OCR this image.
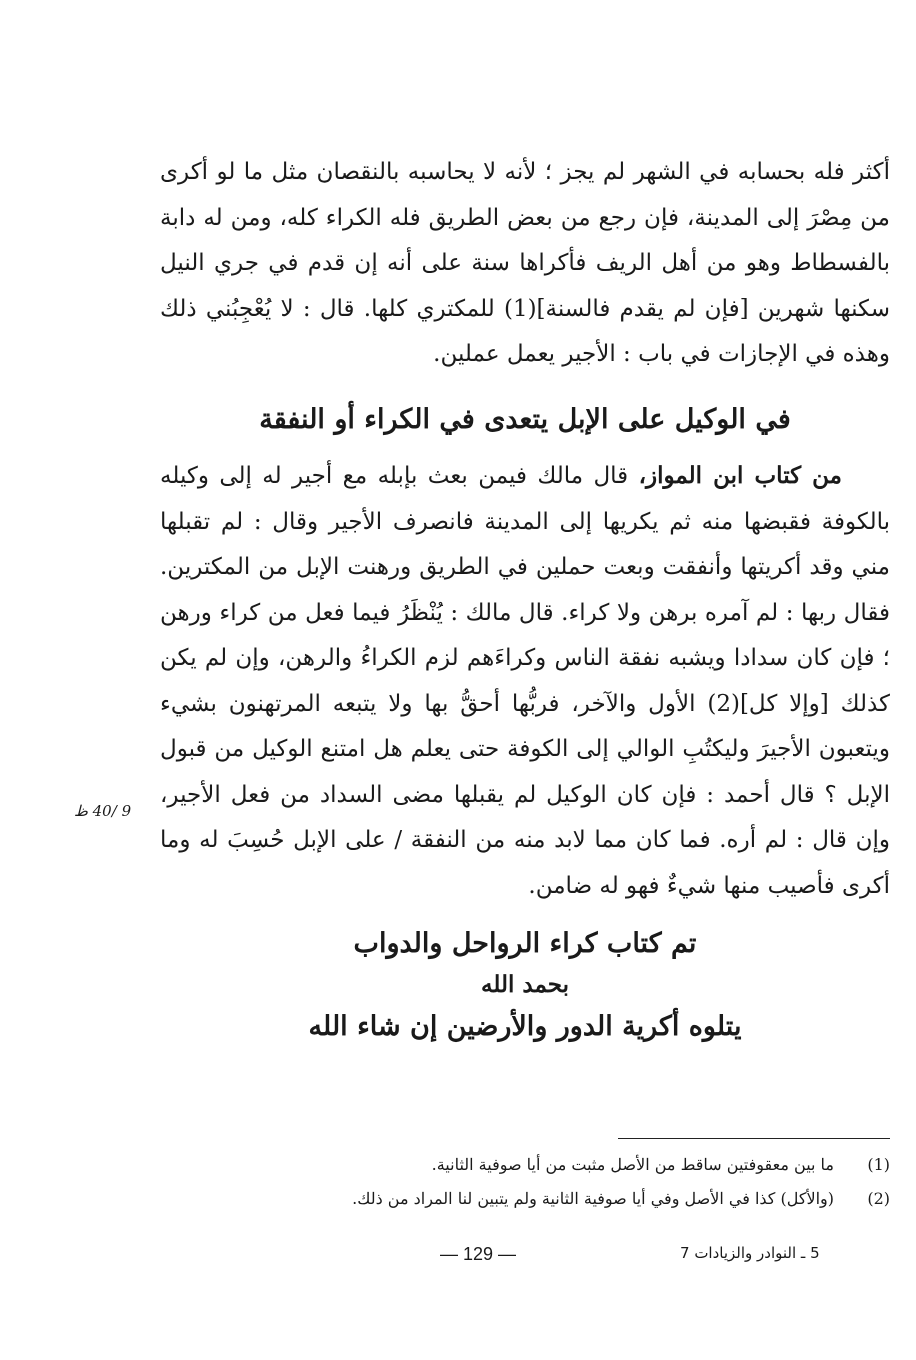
أكثر فله بحسابه في الشهر لم يجز ؛ لأنه لا يحاسبه بالنقصان مثل ما لو أكرى من مِصْرَ إلى المدينة، فإن رجع من بعض الطريق فله الكراء كله، ومن له دابة بالفسطاط وهو من أهل الريف فأكراها سنة على أنه إن قدم في جري النيل سكنها شهرين [فإن لم يقدم فالسنة](1) للمكتري كلها. قال : لا يُعْجِبُني ذلك وهذه في الإجازات في باب : الأجير يعمل عملين.
في الوكيل على الإبل يتعدى في الكراء أو النفقة
من كتاب ابن المواز، قال مالك فيمن بعث بإبله مع أجير له إلى وكيله بالكوفة فقبضها منه ثم يكريها إلى المدينة فانصرف الأجير وقال : لم تقبلها مني وقد أكريتها وأنفقت وبعت حملين في الطريق ورهنت الإبل من المكترين. فقال ربها : لم آمره برهن ولا كراء. قال مالك : يُنْظَرُ فيما فعل من كراء ورهن ؛ فإن كان سدادا ويشبه نفقة الناس وكراءَهم لزم الكراءُ والرهن، وإن لم يكن كذلك [وإلا كل](2) الأول والآخر، فربُّها أحقُّ بها ولا يتبعه المرتهنون بشيء ويتعبون الأجيرَ وليكتُبِ الوالي إلى الكوفة حتى يعلم هل امتنع الوكيل من قبول الإبل ؟ قال أحمد : فإن كان الوكيل لم يقبلها مضى السداد من فعل الأجير، وإن قال : لم أره. فما كان مما لابد منه من النفقة / على الإبل حُسِبَ له وما أكرى فأصيب منها شيءٌ فهو له ضامن.
9 /40 ظ
تم كتاب كراء الرواحل والدواب
بحمد الله
يتلوه أكرية الدور والأرضين إن شاء الله
(1)ما بين معقوفتين ساقط من الأصل مثبت من أيا صوفية الثانية.
(2)(والأكل) كذا في الأصل وفي أيا صوفية الثانية ولم يتبين لنا المراد من ذلك.
5 ـ النوادر والزيادات 7
— 129 —
